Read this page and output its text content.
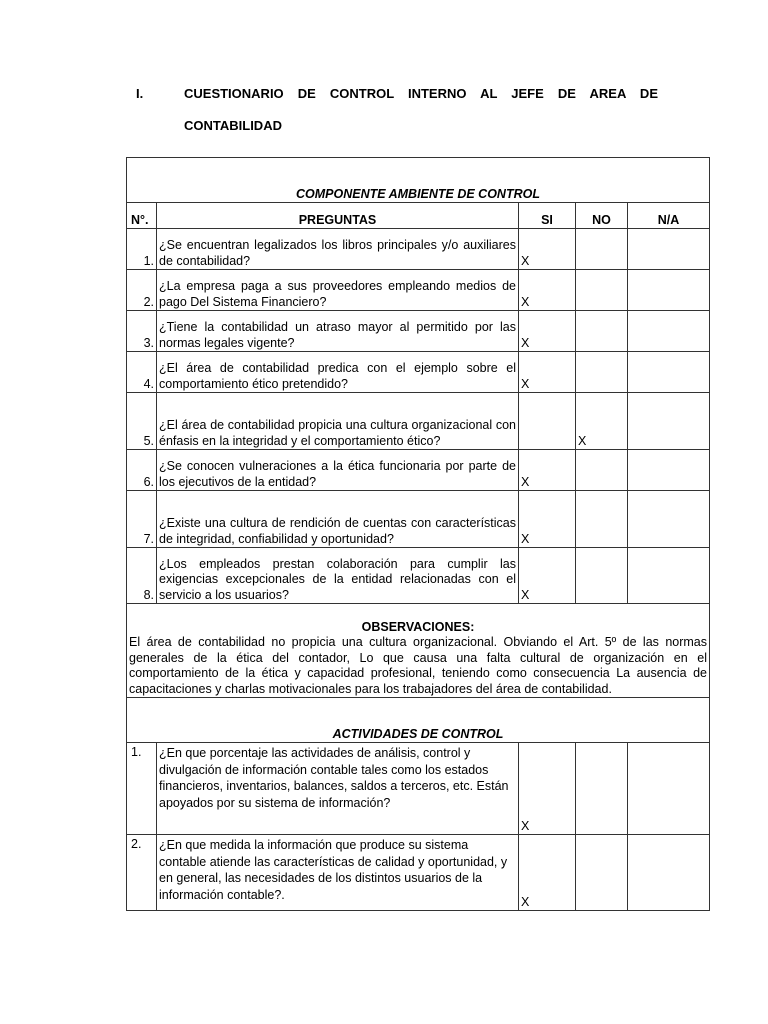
I.	CUESTIONARIO DE CONTROL INTERNO AL JEFE DE AREA DE
CONTABILIDAD
COMPONENTE AMBIENTE DE CONTROL				
N°.	PREGUNTAS	SI	NO	N/A
1.	¿Se encuentran legalizados los libros principales y/o auxiliares de contabilidad?	X		
2.	¿La empresa paga a sus proveedores empleando medios de pago Del Sistema Financiero?	X		
3.	¿Tiene la contabilidad un atraso mayor al permitido por las normas legales vigente?	X		
4.	¿El área de contabilidad predica con el ejemplo sobre el comportamiento ético pretendido?	X		
5.	¿El área de contabilidad propicia una cultura organizacional con énfasis en la integridad y el comportamiento ético?		X	
6.	¿Se conocen vulneraciones a la ética funcionaria por parte de los ejecutivos de la entidad?	X		
7.	¿Existe una cultura de rendición de cuentas con características de integridad, confiabilidad y oportunidad?	X		
8.	¿Los empleados prestan colaboración para cumplir las exigencias excepcionales de la entidad relacionadas con el servicio a los usuarios?	X		

OBSERVACIONES:
El área de contabilidad no propicia una cultura organizacional. Obviando el Art. 5º de las normas generales de la ética del contador, Lo que causa una falta cultural de organización en el comportamiento de la ética y capacidad profesional, teniendo como consecuencia La ausencia de capacitaciones y charlas motivacionales para los trabajadores del área de contabilidad.				
ACTIVIDADES DE CONTROL				
1.	¿En que porcentaje las actividades de análisis, control y divulgación de información contable tales como los estados financieros, inventarios, balances, saldos a terceros, etc. Están apoyados por su sistema de información?	X		
2.	¿En que medida la información que produce su sistema contable atiende las características de calidad y oportunidad, y en general, las necesidades de los distintos usuarios de la información contable?.	X		
